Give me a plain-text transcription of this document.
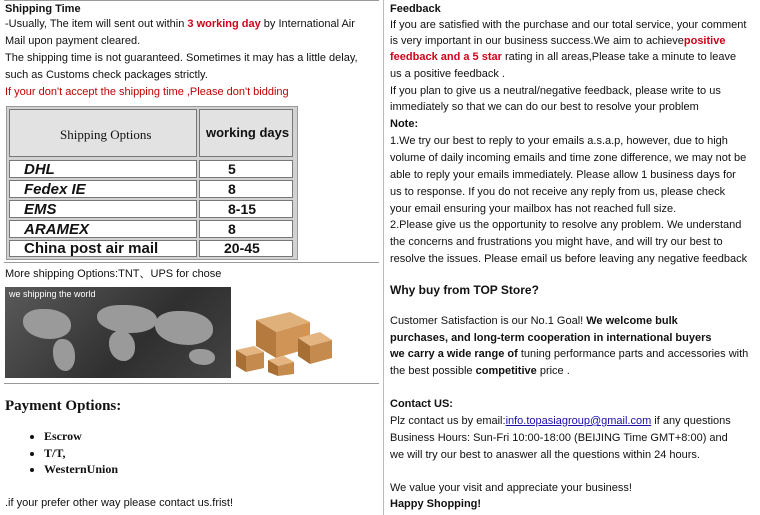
Shipping Time
-Usually, The item will sent out within 3 working day by International Air
Mail upon payment cleared.
The shipping time is not guaranteed. Sometimes it may has a little delay,
such as Customs check packages strictly.
If your don't accept the shipping time ,Please don't bidding
Shipping Options	working days
DHL	5
Fedex IE	8
EMS	8-15
ARAMEX	8
China post air mail	20-45
More shipping Options:TNT、UPS for chose
we shipping the world
Payment Options:
• Escrow
• T/T,
• WesternUnion
.if your prefer other way please contact us.frist!
Feedback
If you are satisfied with the purchase and our total service, your comment
is very important in our business success.We aim to achievepositive
feedback and a 5 star rating in all areas,Please take a minute to leave
us a positive feedback .
If you plan to give us a neutral/negative feedback, please write to us
immediately so that we can do our best to resolve your problem
Note:
1.We try our best to reply to your emails a.s.a.p, however, due to high
volume of daily incoming emails and time zone difference, we may not be
able to reply your emails immediately. Please allow 1 business days for
us to response. If you do not receive any reply from us, please check
your email ensuring your mailbox has not reached full size.
2.Please give us the opportunity to resolve any problem. We understand
the concerns and frustrations you might have, and will try our best to
resolve the issues. Please email us before leaving any negative feedback
Why buy from TOP Store?
Customer Satisfaction is our No.1 Goal! We welcome bulk
purchases, and long-term cooperation in international buyers
we carry a wide range of tuning performance parts and accessories with
the best possible competitive price .
Contact US:
Plz contact us by email:info.topasiagroup@gmail.com if any questions
Business Hours: Sun-Fri 10:00-18:00 (BEIJING Time GMT+8:00) and
we will try our best to anaswer all the questions within 24 hours.
We value your visit and appreciate your business!
Happy Shopping!
